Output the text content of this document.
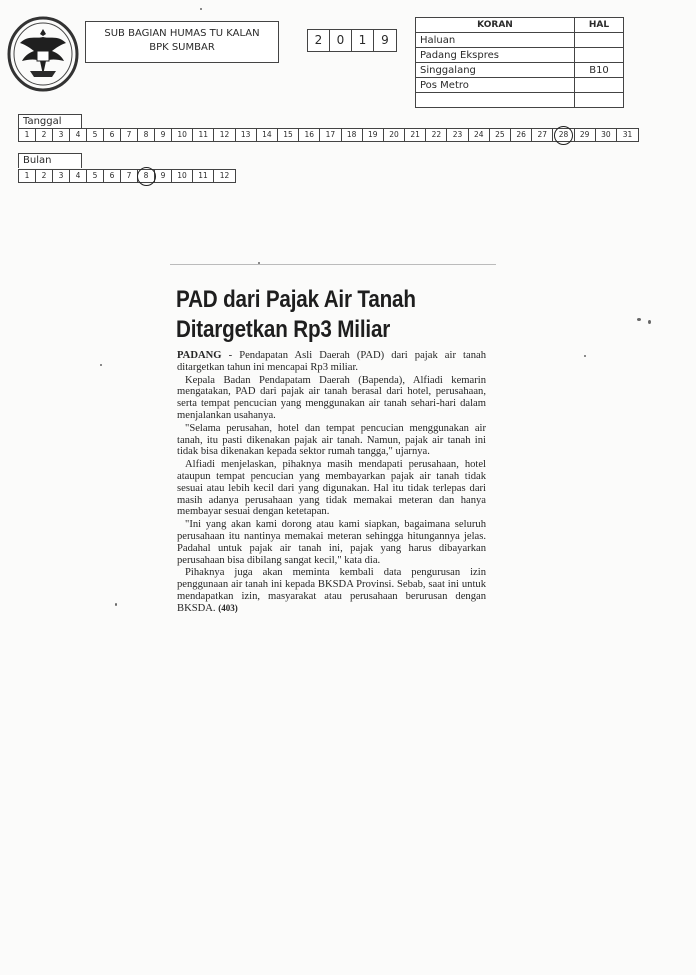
SUB BAGIAN HUMAS TU KALAN
BPK SUMBAR
2	0	1	9
KORAN	HAL
Haluan	
Padang Ekspres	
Singgalang	B10
Pos Metro	

Tanggal
1	2	3	4	5	6	7	8	9	10	11	12	13	14	15	16	17	18	19	20	21	22	23	24	25	26	27	28	29	30	31
Bulan
1	2	3	4	5	6	7	8	9	10	11	12
PAD dari Pajak Air Tanah
Ditargetkan Rp3 Miliar

PADANG - Pendapatan Asli Daerah (PAD) dari pajak air tanah ditargetkan tahun ini mencapai Rp3 miliar.

Kepala Badan Pendapatam Daerah (Bapenda), Alfiadi kemarin mengatakan, PAD dari pajak air tanah berasal dari hotel, perusahaan, serta tempat pencucian yang menggunakan air tanah sehari-hari dalam menjalankan usahanya.

"Selama perusahan, hotel dan tempat pencucian menggunakan air tanah, itu pasti dikenakan pajak air tanah. Namun, pajak air tanah ini tidak bisa dikenakan kepada sektor rumah tangga," ujarnya.

Alfiadi menjelaskan, pihaknya masih mendapati perusahaan, hotel ataupun tempat pencucian yang membayarkan pajak air tanah tidak sesuai atau lebih kecil dari yang digunakan. Hal itu tidak terlepas dari masih adanya perusahaan yang tidak memakai meteran dan hanya membayar sesuai dengan ketetapan.

"Ini yang akan kami dorong atau kami siapkan, bagaimana seluruh perusahaan itu nantinya memakai meteran sehingga hitungannya jelas. Padahal untuk pajak air tanah ini, pajak yang harus dibayarkan perusahaan bisa dibilang sangat kecil," kata dia.

Pihaknya juga akan meminta kembali data pengurusan izin penggunaan air tanah ini kepada BKSDA Provinsi. Sebab, saat ini untuk mendapatkan izin, masyarakat atau perusahaan berurusan dengan BKSDA. (403)
